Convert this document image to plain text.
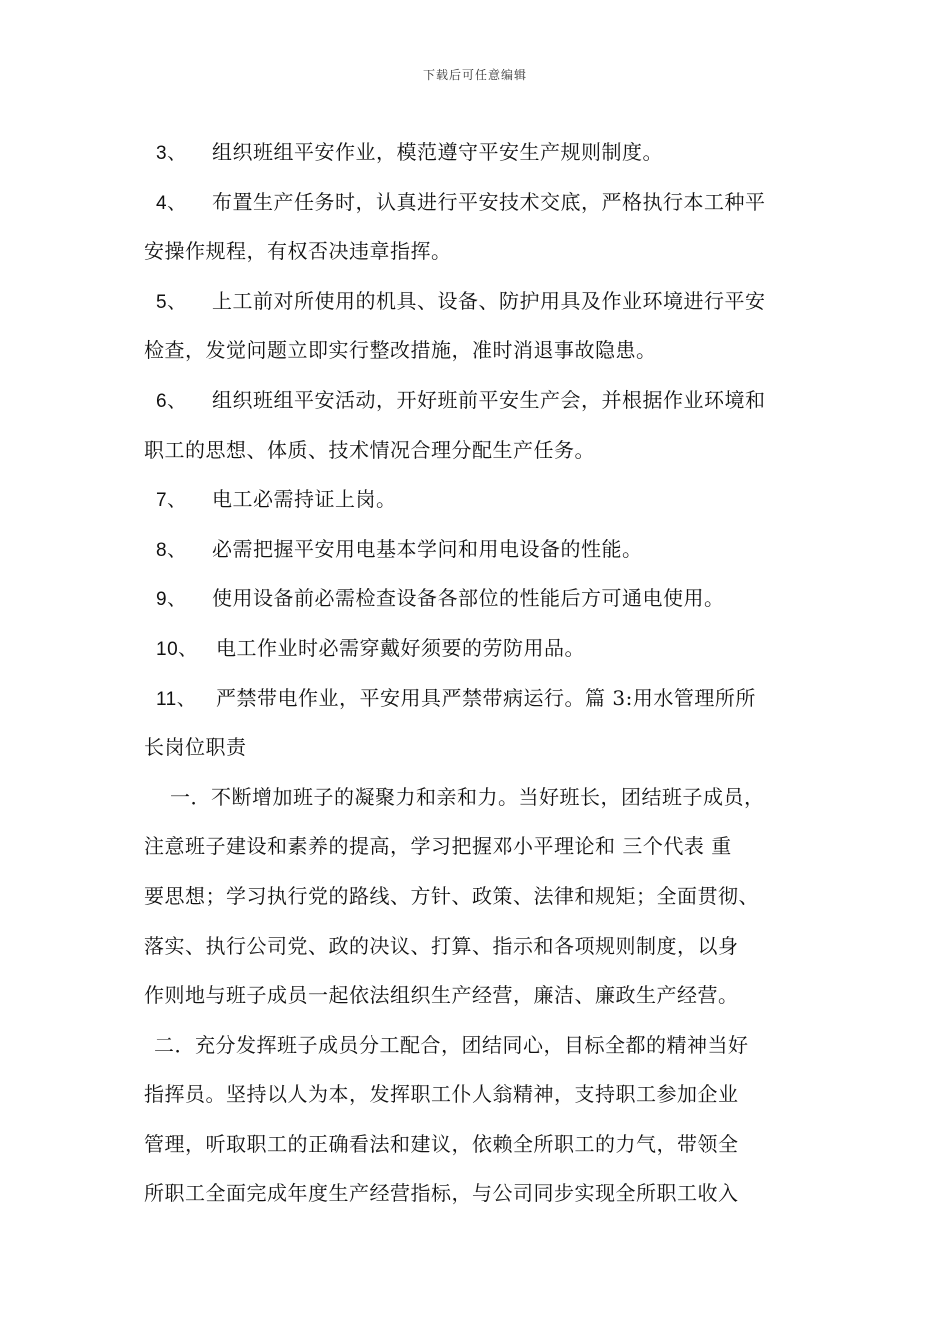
下载后可任意编辑
3、 组织班组平安作业，模范遵守平安生产规则制度。
4、 布置生产任务时，认真进行平安技术交底，严格执行本工种平
安操作规程，有权否决违章指挥。
5、 上工前对所使用的机具、设备、防护用具及作业环境进行平安
检查，发觉问题立即实行整改措施，准时消退事故隐患。
6、 组织班组平安活动，开好班前平安生产会，并根据作业环境和
职工的思想、体质、技术情况合理分配生产任务。
7、 电工必需持证上岗。
8、 必需把握平安用电基本学问和用电设备的性能。
9、 使用设备前必需检查设备各部位的性能后方可通电使用。
10、 电工作业时必需穿戴好须要的劳防用品。
11、 严禁带电作业，平安用具严禁带病运行。篇 3:用水管理所所
长岗位职责
一．不断增加班子的凝聚力和亲和力。当好班长，团结班子成员，
注意班子建设和素养的提高，学习把握邓小平理论和 三个代表 重
要思想；学习执行党的路线、方针、政策、法律和规矩；全面贯彻、
落实、执行公司党、政的决议、打算、指示和各项规则制度，以身
作则地与班子成员一起依法组织生产经营，廉洁、廉政生产经营。
二．充分发挥班子成员分工配合，团结同心，目标全都的精神当好
指挥员。坚持以人为本，发挥职工仆人翁精神，支持职工参加企业
管理，听取职工的正确看法和建议，依赖全所职工的力气，带领全
所职工全面完成年度生产经营指标，与公司同步实现全所职工收入
